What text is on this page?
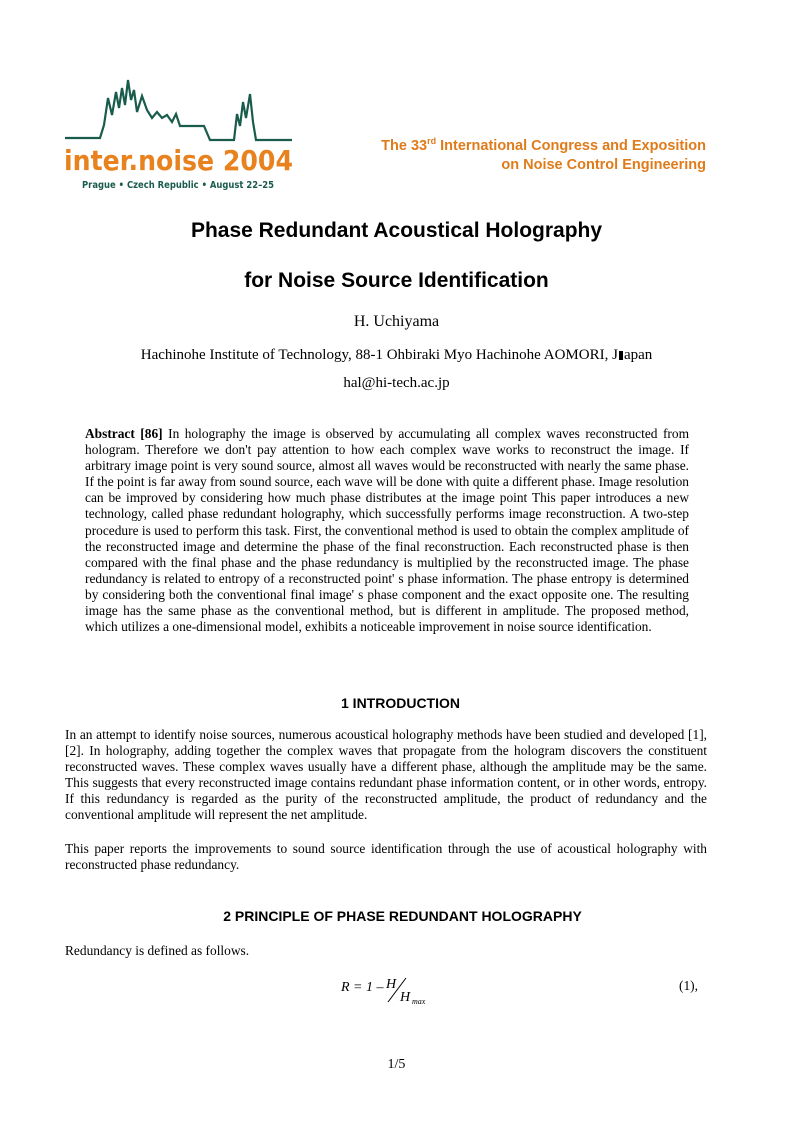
inter.noise 2004
Prague • Czech Republic • August 22–25
The 33rd International Congress and Exposition
on Noise Control Engineering
Phase Redundant Acoustical Holography
for Noise Source Identification
H. Uchiyama
Hachinohe Institute of Technology, 88-1 Ohbiraki Myo Hachinohe AOMORI, J apan
hal@hi-tech.ac.jp
Abstract [86] In holography the image is observed by accumulating all complex waves reconstructed from hologram. Therefore we don't pay attention to how each complex wave works to reconstruct the image. If arbitrary image point is very sound source, almost all waves would be reconstructed with nearly the same phase. If the point is far away from sound source, each wave will be done with quite a different phase. Image resolution can be improved by considering how much phase distributes at the image point This paper introduces a new technology, called phase redundant holography, which successfully performs image reconstruction. A two-step procedure is used to perform this task. First, the conventional method is used to obtain the complex amplitude of the reconstructed image and determine the phase of the final reconstruction. Each reconstructed phase is then compared with the final phase and the phase redundancy is multiplied by the reconstructed image. The phase redundancy is related to entropy of a reconstructed point' s phase information. The phase entropy is determined by considering both the conventional final image' s phase component and the exact opposite one. The resulting image has the same phase as the conventional method, but is different in amplitude. The proposed method, which utilizes a one-dimensional model, exhibits a noticeable improvement in noise source identification.
1 INTRODUCTION
In an attempt to identify noise sources, numerous acoustical holography methods have been studied and developed [1], [2]. In holography, adding together the complex waves that propagate from the hologram discovers the constituent reconstructed waves. These complex waves usually have a different phase, although the amplitude may be the same. This suggests that every reconstructed image contains redundant phase information content, or in other words, entropy. If this redundancy is regarded as the purity of the reconstructed amplitude, the product of redundancy and the conventional amplitude will represent the net amplitude.
This paper reports the improvements to sound source identification through the use of acoustical holography with reconstructed phase redundancy.
2 PRINCIPLE OF PHASE REDUNDANT HOLOGRAPHY
Redundancy is defined as follows.
R = 1 – H
H max
(1),
1/5
